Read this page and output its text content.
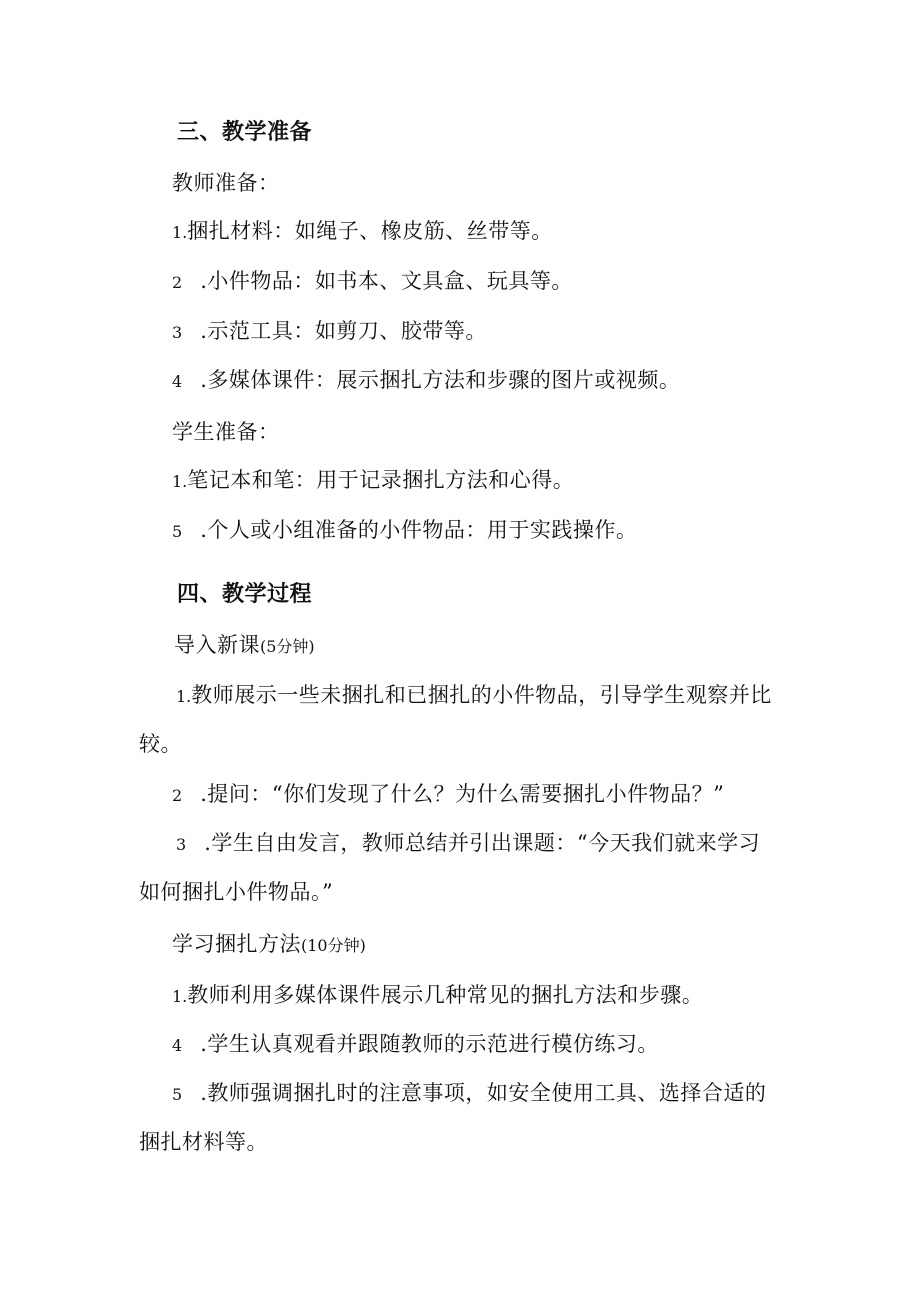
三、教学准备
教师准备：
1.捆扎材料：如绳子、橡皮筋、丝带等。
2 .小件物品：如书本、文具盒、玩具等。
3 .示范工具：如剪刀、胶带等。
4 .多媒体课件：展示捆扎方法和步骤的图片或视频。
学生准备：
1.笔记本和笔：用于记录捆扎方法和心得。
5 .个人或小组准备的小件物品：用于实践操作。
四、教学过程
导入新课(5分钟)
1.教师展示一些未捆扎和已捆扎的小件物品，引导学生观察并比
较。
2 .提问：“你们发现了什么？为什么需要捆扎小件物品？”
3 .学生自由发言，教师总结并引出课题：“今天我们就来学习
如何捆扎小件物品。”
学习捆扎方法(10分钟)
1.教师利用多媒体课件展示几种常见的捆扎方法和步骤。
4 .学生认真观看并跟随教师的示范进行模仿练习。
5 .教师强调捆扎时的注意事项，如安全使用工具、选择合适的
捆扎材料等。
